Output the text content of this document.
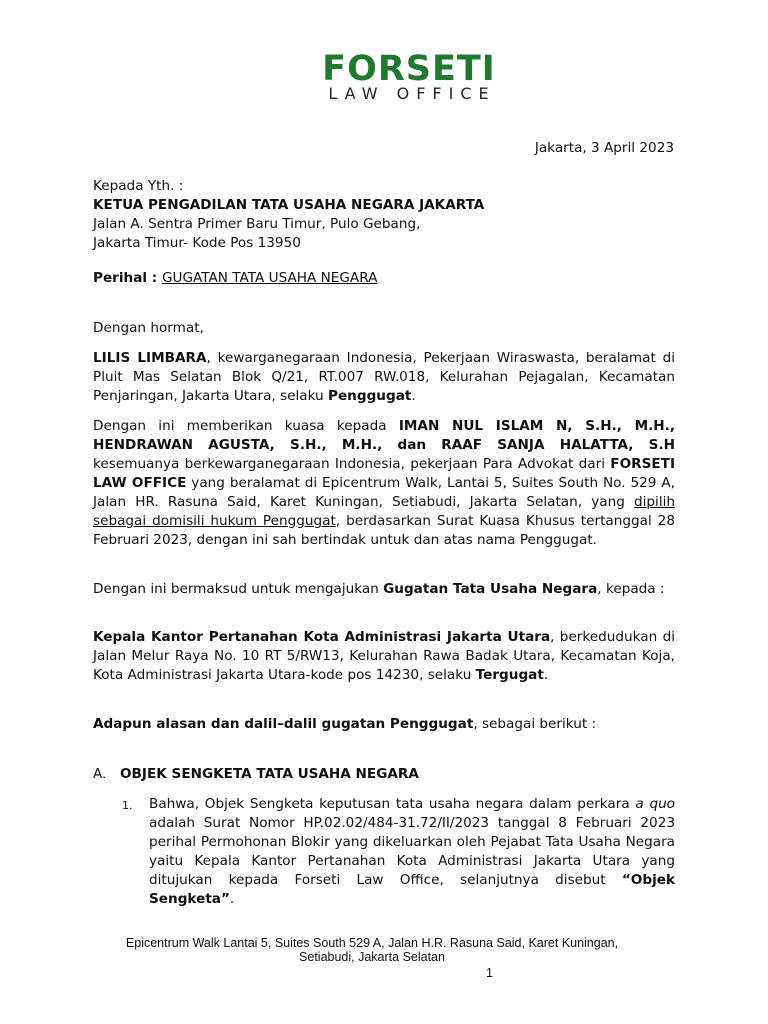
FORSETI
LAW OFFICE
Jakarta, 3 April 2023
Kepada Yth. :
KETUA PENGADILAN TATA USAHA NEGARA JAKARTA
Jalan A. Sentra Primer Baru Timur, Pulo Gebang,
Jakarta Timur- Kode Pos 13950
Perihal : GUGATAN TATA USAHA NEGARA
Dengan hormat,
LILIS LIMBARA, kewarganegaraan Indonesia, Pekerjaan Wiraswasta, beralamat di Pluit Mas Selatan Blok Q/21, RT.007 RW.018, Kelurahan Pejagalan, Kecamatan Penjaringan, Jakarta Utara, selaku Penggugat.
Dengan ini memberikan kuasa kepada IMAN NUL ISLAM N, S.H., M.H., HENDRAWAN AGUSTA, S.H., M.H., dan RAAF SANJA HALATTA, S.H kesemuanya berkewarganegaraan Indonesia, pekerjaan Para Advokat dari FORSETI LAW OFFICE yang beralamat di Epicentrum Walk, Lantai 5, Suites South No. 529 A, Jalan HR. Rasuna Said, Karet Kuningan, Setiabudi, Jakarta Selatan, yang dipilih sebagai domisili hukum Penggugat, berdasarkan Surat Kuasa Khusus tertanggal 28 Februari 2023, dengan ini sah bertindak untuk dan atas nama Penggugat.
Dengan ini bermaksud untuk mengajukan Gugatan Tata Usaha Negara, kepada :
Kepala Kantor Pertanahan Kota Administrasi Jakarta Utara, berkedudukan di Jalan Melur Raya No. 10 RT 5/RW13, Kelurahan Rawa Badak Utara, Kecamatan Koja, Kota Administrasi Jakarta Utara-kode pos 14230, selaku Tergugat.
Adapun alasan dan dalil–dalil gugatan Penggugat, sebagai berikut :
A. OBJEK SENGKETA TATA USAHA NEGARA
1. Bahwa, Objek Sengketa keputusan tata usaha negara dalam perkara a quo adalah Surat Nomor HP.02.02/484-31.72/II/2023 tanggal 8 Februari 2023 perihal Permohonan Blokir yang dikeluarkan oleh Pejabat Tata Usaha Negara yaitu Kepala Kantor Pertanahan Kota Administrasi Jakarta Utara yang ditujukan kepada Forseti Law Office, selanjutnya disebut “Objek Sengketa”.
Epicentrum Walk Lantai 5, Suites South 529 A, Jalan H.R. Rasuna Said, Karet Kuningan,
Setiabudi, Jakarta Selatan
1
